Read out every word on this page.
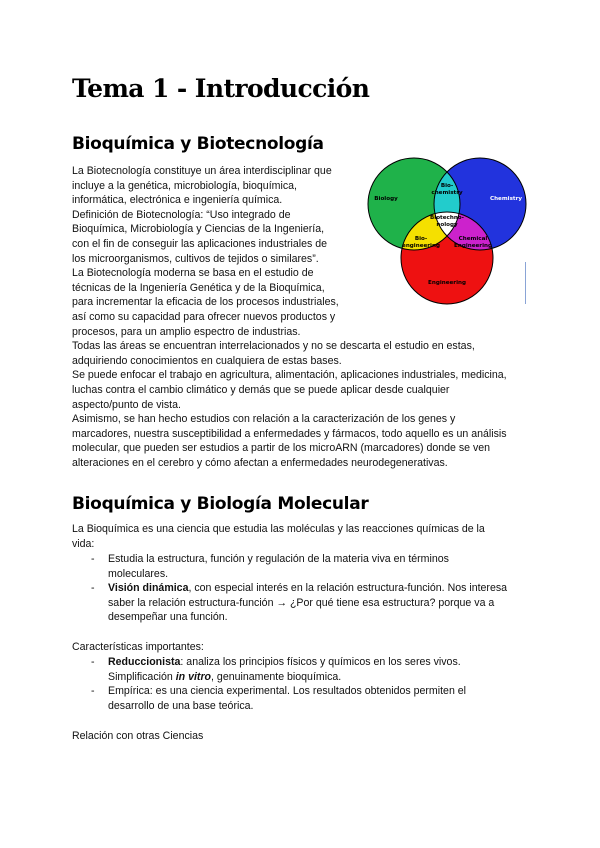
Tema 1 - Introducción
Bioquímica y Biotecnología
La Biotecnología constituye un área interdisciplinar que
incluye a la genética, microbiología, bioquímica,
informática, electrónica e ingeniería química.
Definición de Biotecnología: “Uso integrado de
Bioquímica, Microbiología y Ciencias de la Ingeniería,
con el fin de conseguir las aplicaciones industriales de
los microorganismos, cultivos de tejidos o similares”.
La Biotecnología moderna se basa en el estudio de
técnicas de la Ingeniería Genética y de la Bioquímica,
para incrementar la eficacia de los procesos industriales,
así como su capacidad para ofrecer nuevos productos y
procesos, para un amplio espectro de industrias.
Todas las áreas se encuentran interrelacionados y no se descarta el estudio en estas,
adquiriendo conocimientos en cualquiera de estas bases.
Se puede enfocar el trabajo en agricultura, alimentación, aplicaciones industriales, medicina,
luchas contra el cambio climático y demás que se puede aplicar desde cualquier
aspecto/punto de vista.
Asimismo, se han hecho estudios con relación a la caracterización de los genes y
marcadores, nuestra susceptibilidad a enfermedades y fármacos, todo aquello es un análisis
molecular, que pueden ser estudios a partir de los microARN (marcadores) donde se ven
alteraciones en el cerebro y cómo afectan a enfermedades neurodegenerativas.
Biology	Chemistry
Engineering
Bio-
chemistry
Biotechno-
nology
Bio-
engineering
Chemical
Engineering
Bioquímica y Biología Molecular
La Bioquímica es una ciencia que estudia las moléculas y las reacciones químicas de la
vida:
- Estudia la estructura, función y regulación de la materia viva en términos
moleculares.
- Visión dinámica, con especial interés en la relación estructura-función. Nos interesa
saber la relación estructura-función → ¿Por qué tiene esa estructura? porque va a
desempeñar una función.
Características importantes:
- Reduccionista: analiza los principios físicos y químicos en los seres vivos.
Simplificación in vitro, genuinamente bioquímica.
- Empírica: es una ciencia experimental. Los resultados obtenidos permiten el
desarrollo de una base teórica.
Relación con otras Ciencias
